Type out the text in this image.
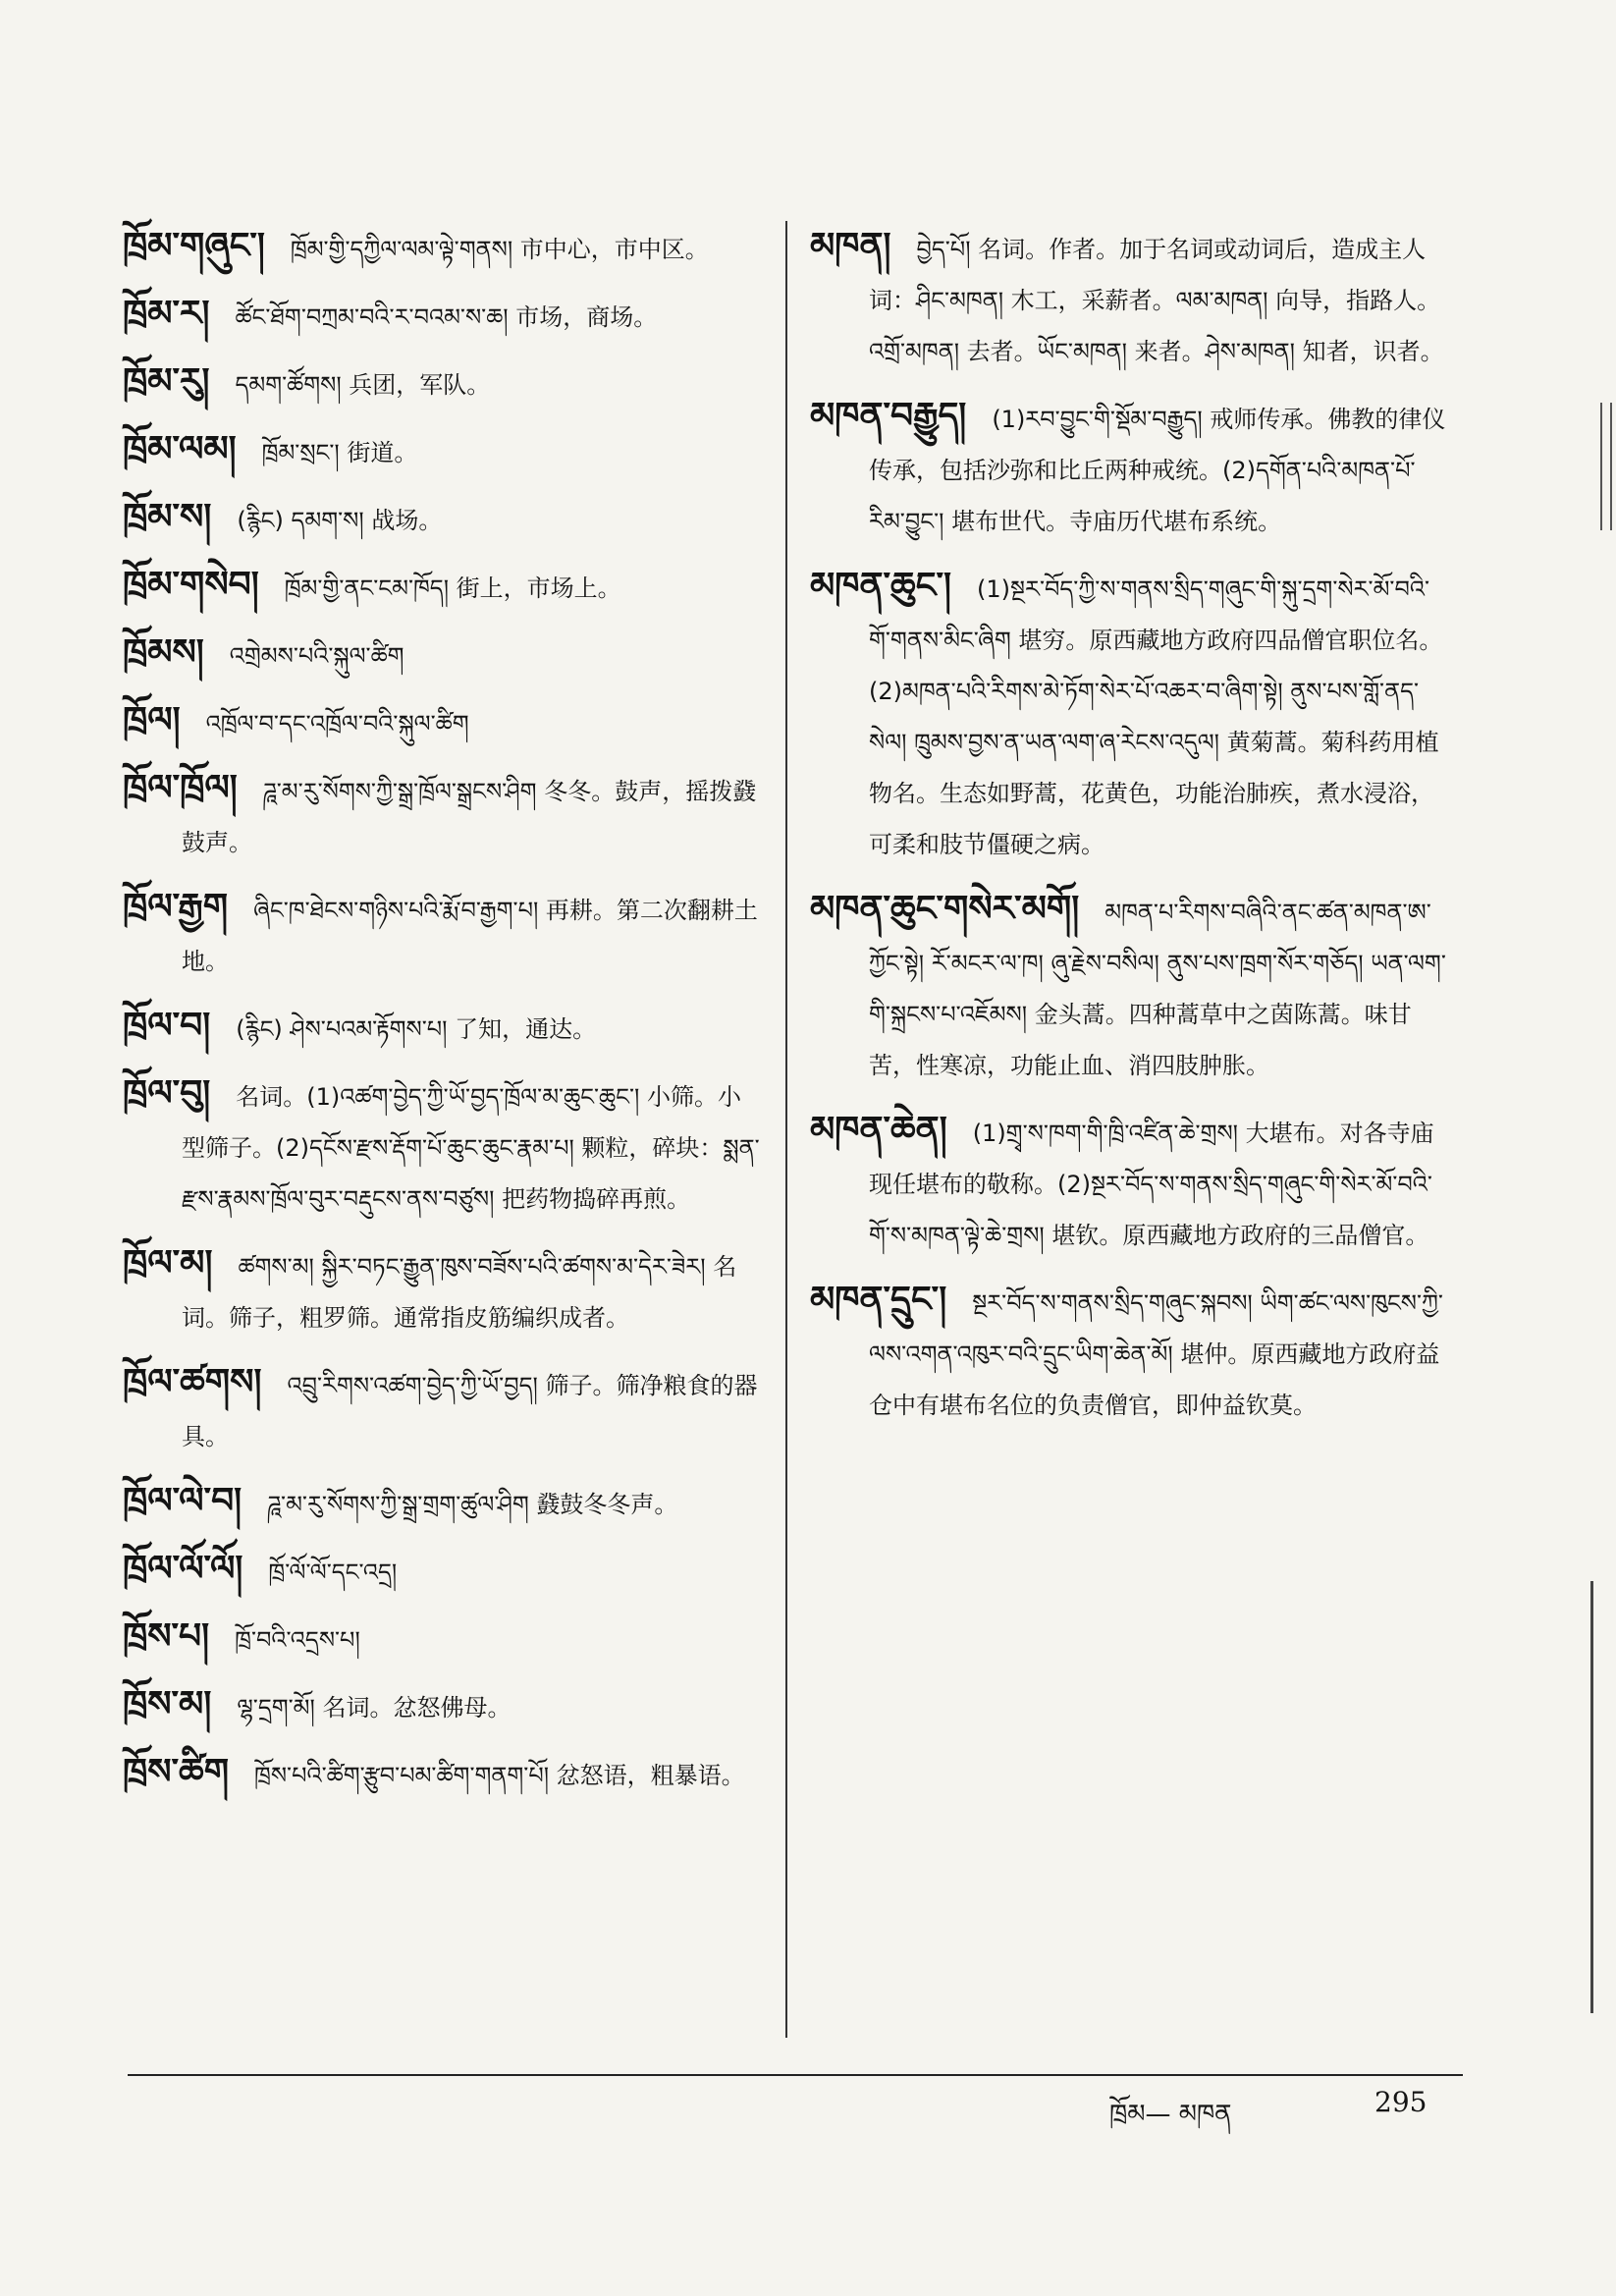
ཁྲོམ་གཞུང་། ཁྲོམ་གྱི་དཀྱིལ་ལམ་ལྟེ་གནས། 市中心，市中区。
ཁྲོམ་ར། ཚོང་ཐོག་བཀྲམ་བའི་ར་བའམ་ས་ཆ། 市场，商场。
ཁྲོམ་རུ། དམག་ཚོགས། 兵团，军队。
ཁྲོམ་ལམ། ཁྲོམ་སྲང་། 街道。
ཁྲོམ་ས། (རྙིང) དམག་ས། 战场。
ཁྲོམ་གསེབ། ཁྲོམ་གྱི་ནང་ངམ་ཁོད། 街上，市场上。
ཁྲོམས། འགྲེམས་པའི་སྐུལ་ཚིག
ཁྲོལ། འཁྲོལ་བ་དང་འཁྲོལ་བའི་སྐུལ་ཚིག
ཁྲོལ་ཁྲོལ། ཌཱ་མ་རུ་སོགས་ཀྱི་སྒྲ་ཁྲོལ་སྒྲངས་ཤིག 冬冬。鼓声，摇拨鼗鼓声。
ཁྲོལ་རྒྱག ཞིང་ཁ་ཐེངས་གཉིས་པའི་རྨོ་བ་རྒྱག་པ། 再耕。第二次翻耕土地。
ཁྲོལ་བ། (རྙིང) ཤེས་པའམ་རྟོགས་པ། 了知，通达。
ཁྲོལ་བུ། 名词。(1)འཚག་བྱེད་ཀྱི་ཡོ་བྱད་ཁྲོལ་མ་ཆུང་ཆུང་། 小筛。小型筛子。(2)དངོས་རྫས་རྡོག་པོ་ཆུང་ཆུང་རྣམ་པ། 颗粒，碎块：སྨན་རྫས་རྣམས་ཁྲོལ་བུར་བརྡུངས་ནས་བཙུས། 把药物捣碎再煎。
ཁྲོལ་མ། ཚགས་མ། སྐྱིར་བཏང་རྒྱུན་ཁུས་བཟོས་པའི་ཚགས་མ་དེར་ཟེར། 名词。筛子，粗罗筛。通常指皮筋编织成者。
ཁྲོལ་ཚགས། འབྲུ་རིགས་འཚག་བྱེད་ཀྱི་ཡོ་བྱད། 筛子。筛净粮食的器具。
ཁྲོལ་ལེ་བ། ཌཱ་མ་རུ་སོགས་ཀྱི་སྒྲ་གྲག་ཚུལ་ཤིག 鼗鼓冬冬声。
ཁྲོལ་ལོ་ལོ། ཁྲོ་ལོ་ལོ་དང་འདྲ།
ཁྲོས་པ། ཁྲོ་བའི་འདྲས་པ།
ཁྲོས་མ། ལྷ་དྲག་མོ། 名词。忿怒佛母。
ཁྲོས་ཚིག ཁྲོས་པའི་ཚིག་རྩུབ་པམ་ཚིག་གནག་པོ། 忿怒语，粗暴语。
མཁན། བྱེད་པོ། 名词。作者。加于名词或动词后，造成主人词：ཤིང་མཁན། 木工，采薪者。ལམ་མཁན། 向导，指路人。འགྲོ་མཁན། 去者。ཡོང་མཁན། 来者。ཤེས་མཁན། 知者，识者。
མཁན་བརྒྱུད། (1)རབ་བྱུང་གི་སྡོམ་བརྒྱུད། 戒师传承。佛教的律仪传承，包括沙弥和比丘两种戒统。(2)དགོན་པའི་མཁན་པོ་རིམ་བྱུང་། 堪布世代。寺庙历代堪布系统。
མཁན་ཆུང་། (1)སྔར་བོད་ཀྱི་ས་གནས་སྲིད་གཞུང་གི་སྐུ་དྲག་སེར་མོ་བའི་གོ་གནས་མིང་ཞིག 堪穷。原西藏地方政府四品僧官职位名。(2)མཁན་པའི་རིགས་མེ་ཏོག་སེར་པོ་འཆར་བ་ཞིག་སྟེ། ནུས་པས་གློ་ནད་སེལ། ཁྲུམས་བྱས་ན་ཡན་ལག་ཞ་རེངས་འདུལ། 黄菊蒿。菊科药用植物名。生态如野蒿，花黄色，功能治肺疾，煮水浸浴，可柔和肢节僵硬之病。
མཁན་ཆུང་གསེར་མགོ། མཁན་པ་རིགས་བཞིའི་ནང་ཚན་མཁན་ཨ་ཀྱོང་སྟེ། རོ་མངར་ལ་ཁ། ཞུ་རྗེས་བསིལ། ནུས་པས་ཁྲག་སོར་གཅོད། ཡན་ལག་གི་སྐྲངས་པ་འཇོམས། 金头蒿。四种蒿草中之茵陈蒿。味甘苦，性寒凉，功能止血、消四肢肿胀。
མཁན་ཆེན། (1)གྲྭ་ས་ཁག་གི་ཁྲི་འཛིན་ཆེ་གྲས། 大堪布。对各寺庙现任堪布的敬称。(2)སྔར་བོད་ས་གནས་སྲིད་གཞུང་གི་སེར་མོ་བའི་གོ་ས་མཁན་ལྟེ་ཆེ་གྲས། 堪钦。原西藏地方政府的三品僧官。
མཁན་དྲུང་། སྔར་བོད་ས་གནས་སྲིད་གཞུང་སྐབས། ཡིག་ཚང་ལས་ཁུངས་ཀྱི་ལས་འགན་འཁུར་བའི་དྲུང་ཡིག་ཆེན་མོ། 堪仲。原西藏地方政府益仓中有堪布名位的负责僧官，即仲益钦莫。
ཁྲོམ— མཁན	295
